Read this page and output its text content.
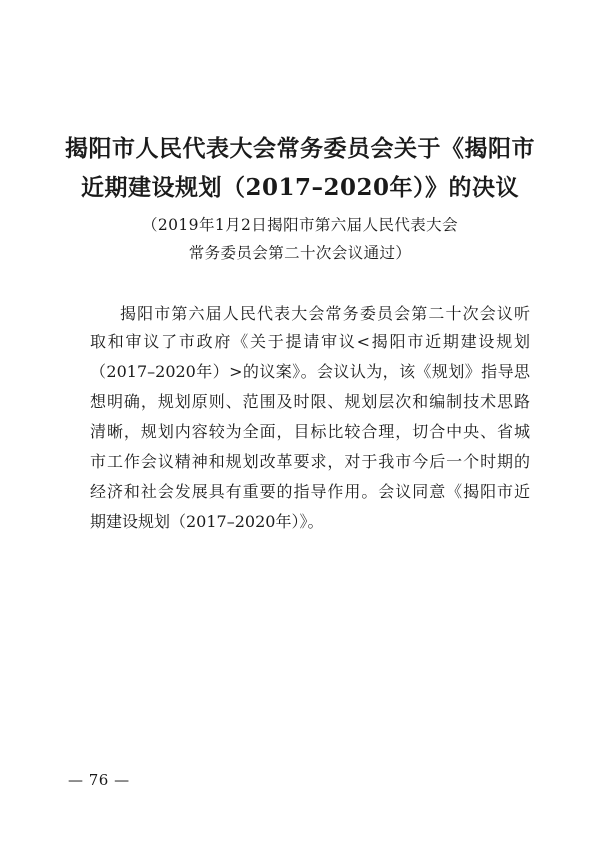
揭阳市人民代表大会常务委员会关于《揭阳市
近期建设规划（2017–2020年）》的决议
（2019年1月2日揭阳市第六届人民代表大会
常务委员会第二十次会议通过）
揭阳市第六届人民代表大会常务委员会第二十次会议听
取和审议了市政府《关于提请审议<揭阳市近期建设规划
（2017–2020年）>的议案》。会议认为，该《规划》指导思
想明确，规划原则、范围及时限、规划层次和编制技术思路
清晰，规划内容较为全面，目标比较合理，切合中央、省城
市工作会议精神和规划改革要求，对于我市今后一个时期的
经济和社会发展具有重要的指导作用。会议同意《揭阳市近
期建设规划（2017–2020年）》。
— 76 —
